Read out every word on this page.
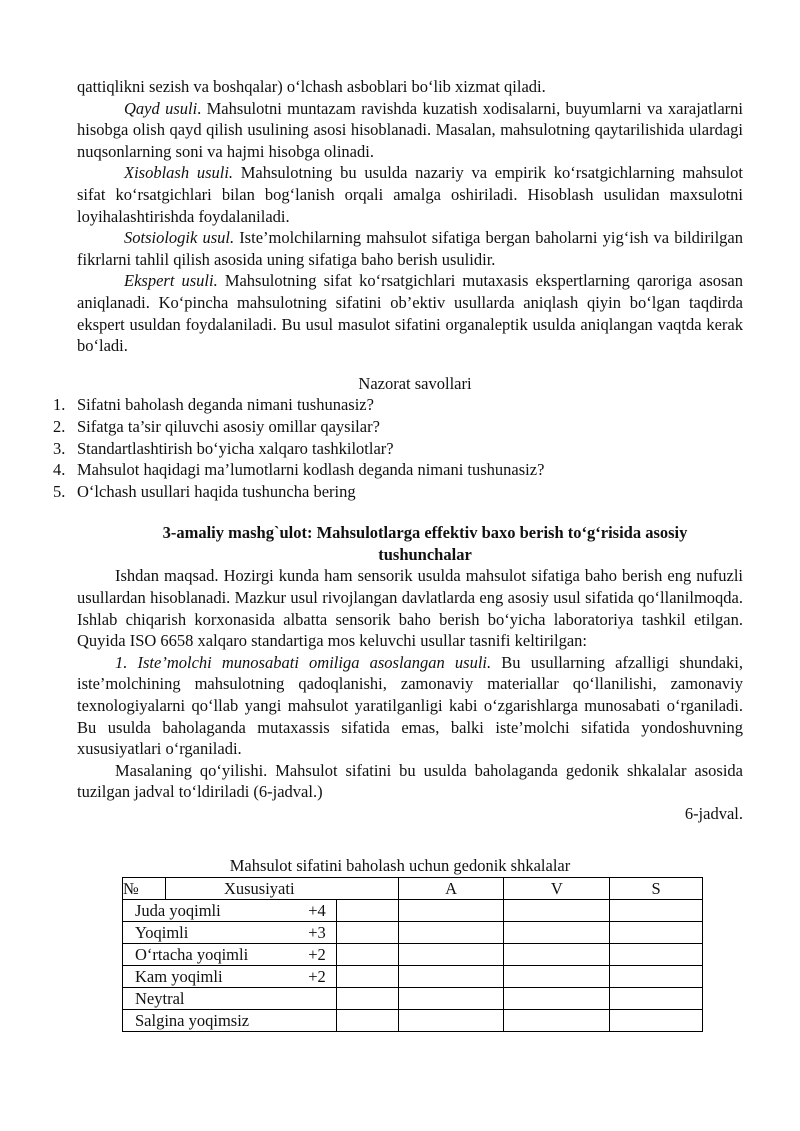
qattiqlikni sezish va boshqalar) o‘lchash asboblari bo‘lib xizmat qiladi.

Qayd usuli. Mahsulotni muntazam ravishda kuzatish xodisalarni, buyumlarni va xarajatlarni hisobga olish qayd qilish usulining asosi hisoblanadi. Masalan, mahsulotning qaytarilishida ulardagi nuqsonlarning soni va hajmi hisobga olinadi.

Xisoblash usuli. Mahsulotning bu usulda nazariy va empirik ko‘rsatgichlarning mahsulot sifat ko‘rsatgichlari bilan bog‘lanish orqali amalga oshiriladi. Hisoblash usulidan maxsulotni loyihalashtirishda foydalaniladi.

Sotsiologik usul. Iste’molchilarning mahsulot sifatiga bergan baholarni yig‘ish va bildirilgan fikrlarni tahlil qilish asosida uning sifatiga baho berish usulidir.

Ekspert usuli. Mahsulotning sifat ko‘rsatgichlari mutaxasis ekspertlarning qaroriga asosan aniqlanadi. Ko‘pincha mahsulotning sifatini ob’ektiv usullarda aniqlash qiyin bo‘lgan taqdirda ekspert usuldan foydalaniladi. Bu usul masulot sifatini organaleptik usulda aniqlangan vaqtda kerak bo‘ladi.

Nazorat savollari

1. Sifatni baholash deganda nimani tushunasiz?
2. Sifatga ta’sir qiluvchi asosiy omillar qaysilar?
3. Standartlashtirish bo‘yicha xalqaro tashkilotlar?
4. Mahsulot haqidagi ma’lumotlarni kodlash deganda nimani tushunasiz?
5. O‘lchash usullari haqida tushuncha bering

3-amaliy mashg`ulot: Mahsulotlarga effektiv baxo berish to‘g‘risida asosiy tushunchalar

Ishdan maqsad. Hozirgi kunda ham sensorik usulda mahsulot sifatiga baho berish eng nufuzli usullardan hisoblanadi. Mazkur usul rivojlangan davlatlarda eng asosiy usul sifatida qo‘llanilmoqda. Ishlab chiqarish korxonasida albatta sensorik baho berish bo‘yicha laboratoriya tashkil etilgan. Quyida ISO 6658 xalqaro standartiga mos keluvchi usullar tasnifi keltirilgan:

1. Iste’molchi munosabati omiliga asoslangan usuli. Bu usullarning afzalligi shundaki, iste’molchining mahsulotning qadoqlanishi, zamonaviy materiallar qo‘llanilishi, zamonaviy texnologiyalarni qo‘llab yangi mahsulot yaratilganligi kabi o‘zgarishlarga munosabati o‘rganiladi. Bu usulda baholaganda mutaxassis sifatida emas, balki iste’molchi sifatida yondoshuvning xususiyatlari o‘rganiladi.

Masalaning qo‘yilishi. Mahsulot sifatini bu usulda baholaganda gedonik shkalalar asosida tuzilgan jadval to‘ldiriladi (6-jadval.)

6-jadval.

Mahsulot sifatini baholash uchun gedonik shkalalar
№	Xususiyati		A	V	S
Juda yoqimli +4					

Yoqimli +3					

O‘rtacha yoqimli +2					

Kam yoqimli +2					

Neytral	

Salgina yoqimsiz	
